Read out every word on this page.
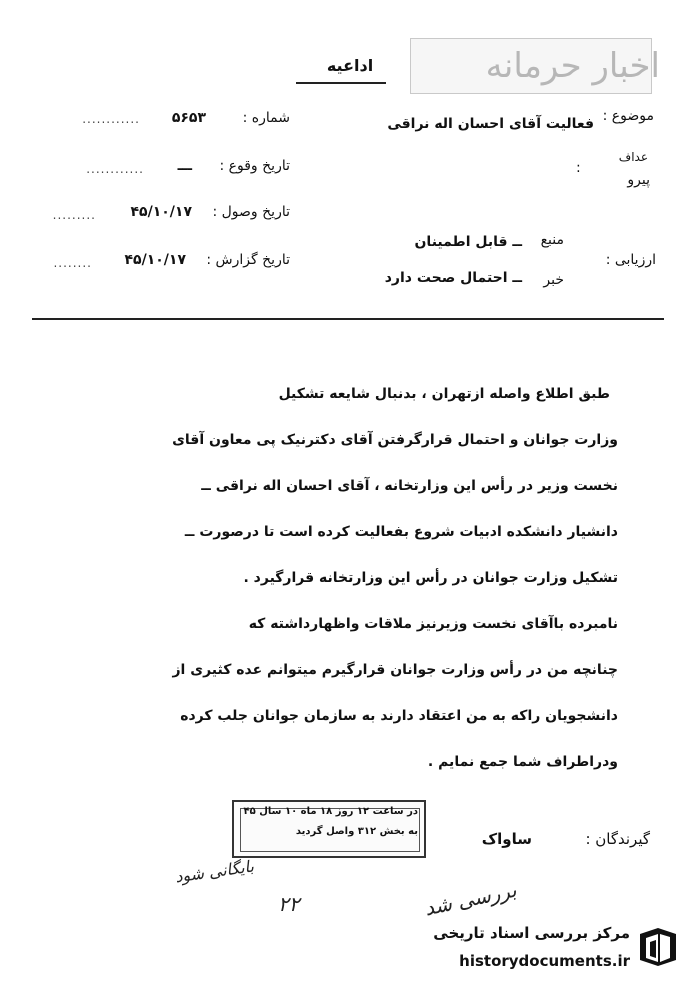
اخبار حرمانه
اداعیه
موضوع :
فعالیت آقای احسان اله نراقی
عداف
پیرو
:
ارزیابی :
منبع
ــ قابل اطمینان
خبر
ــ احتمال صحت دارد
شماره :
۵۶۵۳
............
تاریخ وقوع :
ـــ
............
تاریخ وصول :
۴۵/۱۰/۱۷
.........
تاریخ گزارش :
۴۵/۱۰/۱۷
........
طبق اطلاع واصله ازتهران ، بدنبال شایعه تشکیل
وزارت جوانان و احتمال قرارگرفتن آقای دکترنیک پی معاون آقای
نخست وزیر در رأس این وزارتخانه ، آقای احسان اله نراقی ــ
دانشیار دانشکده ادبیات شروع بفعالیت کرده است تا درصورت ــ
تشکیل وزارت جوانان در رأس این وزارتخانه قرارگیرد .
نامبرده باآقای نخست وزیرنیز ملاقات واظهارداشته که
چنانچه من در رأس وزارت جوانان قرارگیرم میتوانم عده کثیری از
دانشجویان راکه به من اعتقاد دارند به سازمان جوانان جلب کرده
ودراطراف شما جمع نمایم .
در ساعت ۱۲ روز ۱۸ ماه ۱۰ سال ۴۵
به بخش ۳۱۲ واصل گردید	گیرندگان :
ساواک
بایگانی شود
۲۲	بررسی شد
مرکز بررسی اسناد تاریخی
historydocuments.ir
